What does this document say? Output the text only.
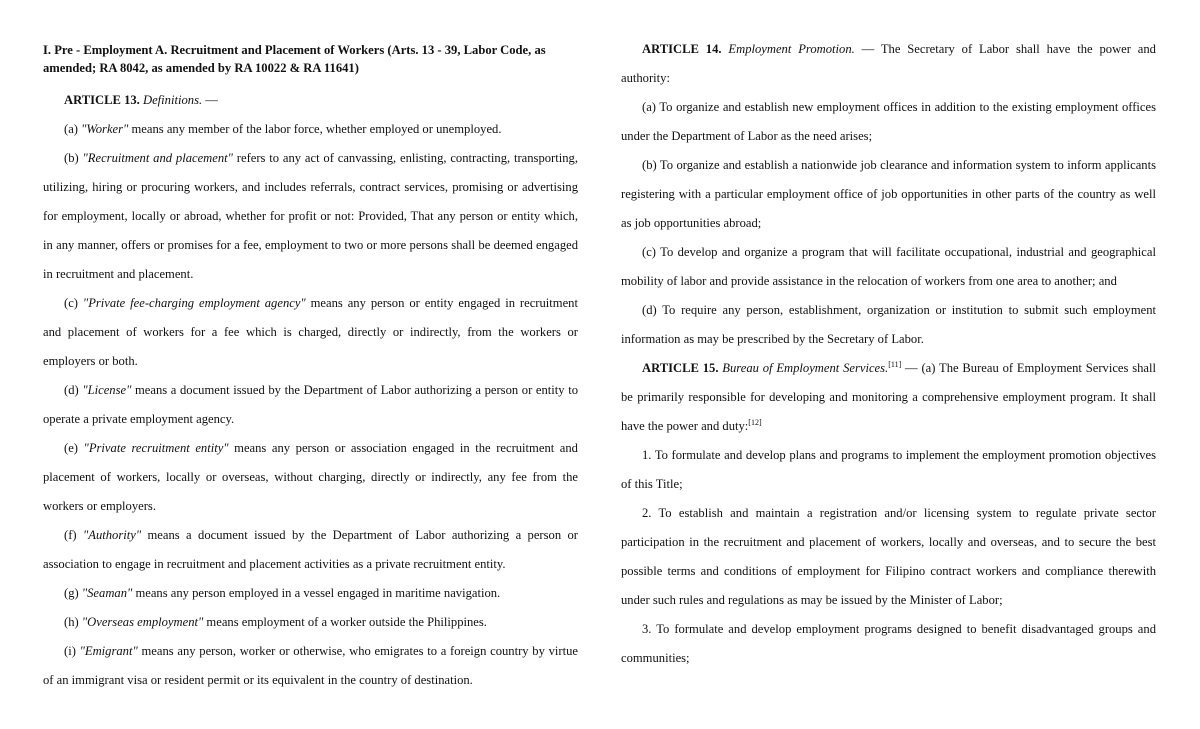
I. Pre - Employment A. Recruitment and Placement of Workers (Arts. 13 - 39, Labor Code, as amended; RA 8042, as amended by RA 10022 & RA 11641)

ARTICLE 13. Definitions. —

(a) "Worker" means any member of the labor force, whether employed or unemployed.

(b) "Recruitment and placement" refers to any act of canvassing, enlisting, contracting, transporting, utilizing, hiring or procuring workers, and includes referrals, contract services, promising or advertising for employment, locally or abroad, whether for profit or not: Provided, That any person or entity which, in any manner, offers or promises for a fee, employment to two or more persons shall be deemed engaged in recruitment and placement.

(c) "Private fee-charging employment agency" means any person or entity engaged in recruitment and placement of workers for a fee which is charged, directly or indirectly, from the workers or employers or both.

(d) "License" means a document issued by the Department of Labor authorizing a person or entity to operate a private employment agency.

(e) "Private recruitment entity" means any person or association engaged in the recruitment and placement of workers, locally or overseas, without charging, directly or indirectly, any fee from the workers or employers.

(f) "Authority" means a document issued by the Department of Labor authorizing a person or association to engage in recruitment and placement activities as a private recruitment entity.

(g) "Seaman" means any person employed in a vessel engaged in maritime navigation.

(h) "Overseas employment" means employment of a worker outside the Philippines.

(i) "Emigrant" means any person, worker or otherwise, who emigrates to a foreign country by virtue of an immigrant visa or resident permit or its equivalent in the country of destination.

ARTICLE 14. Employment Promotion. — The Secretary of Labor shall have the power and authority:

(a) To organize and establish new employment offices in addition to the existing employment offices under the Department of Labor as the need arises;

(b) To organize and establish a nationwide job clearance and information system to inform applicants registering with a particular employment office of job opportunities in other parts of the country as well as job opportunities abroad;

(c) To develop and organize a program that will facilitate occupational, industrial and geographical mobility of labor and provide assistance in the relocation of workers from one area to another; and

(d) To require any person, establishment, organization or institution to submit such employment information as may be prescribed by the Secretary of Labor.

ARTICLE 15. Bureau of Employment Services.[11] — (a) The Bureau of Employment Services shall be primarily responsible for developing and monitoring a comprehensive employment program. It shall have the power and duty:[12]

1. To formulate and develop plans and programs to implement the employment promotion objectives of this Title;

2. To establish and maintain a registration and/or licensing system to regulate private sector participation in the recruitment and placement of workers, locally and overseas, and to secure the best possible terms and conditions of employment for Filipino contract workers and compliance therewith under such rules and regulations as may be issued by the Minister of Labor;

3. To formulate and develop employment programs designed to benefit disadvantaged groups and communities;
